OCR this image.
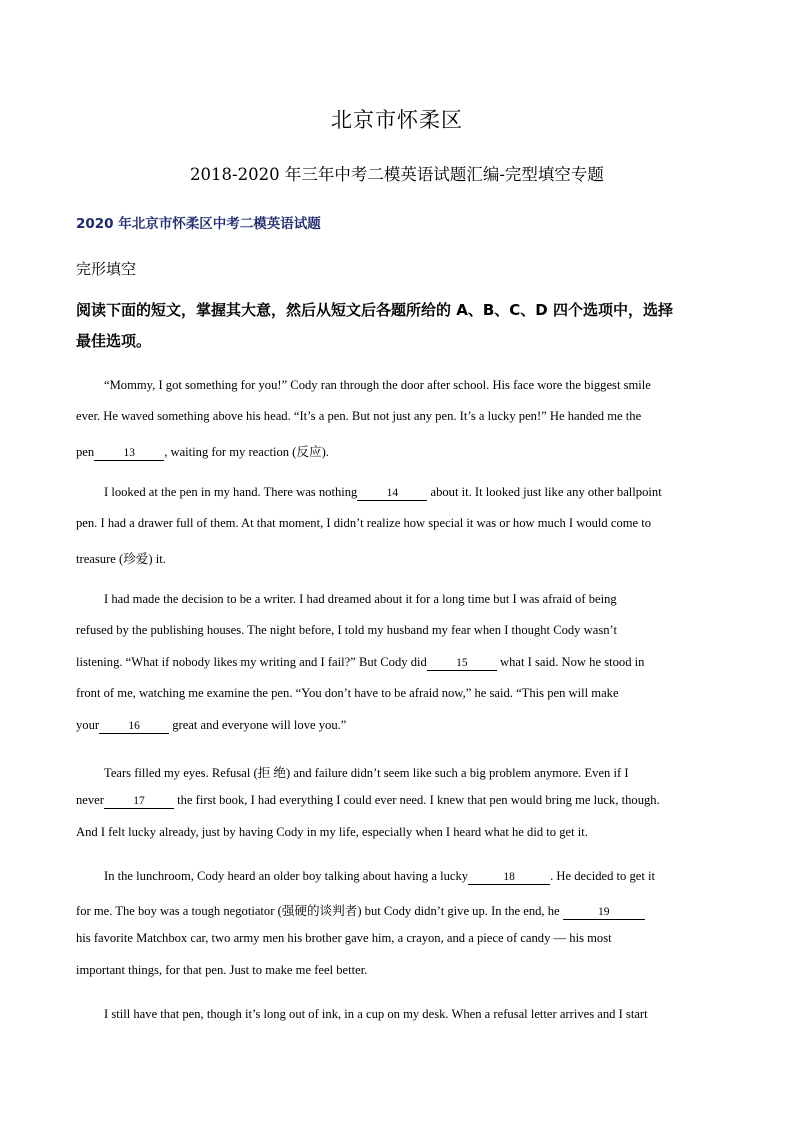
北京市怀柔区
2018-2020 年三年中考二模英语试题汇编-完型填空专题
2020 年北京市怀柔区中考二模英语试题
完形填空
阅读下面的短文，掌握其大意，然后从短文后各题所给的 A、B、C、D 四个选项中，选择
最佳选项。
“Mommy, I got something for you!” Cody ran through the door after school. His face wore the biggest smile
ever. He waved something above his head. “It’s a pen. But not just any pen. It’s a lucky pen!” He handed me the
pen	13 , waiting for my reaction (反应).
I looked at the pen in my hand. There was nothing	14 about it. It looked just like any other ballpoint
pen. I had a drawer full of them. At that moment, I didn’t realize how special it was or how much I would come to
treasure (珍爱) it.
I had made the decision to be a writer. I had dreamed about it for a long time but I was afraid of being
refused by the publishing houses. The night before, I told my husband my fear when I thought Cody wasn’t
listening. “What if nobody likes my writing and I fail?” But Cody did	15 what I said. Now he stood in
front of me, watching me examine the pen. “You don’t have to be afraid now,” he said. “This pen will make
your	16 great and everyone will love you.”
Tears filled my eyes. Refusal (拒 绝) and failure didn’t seem like such a big problem anymore. Even if I
never	17 the first book, I had everything I could ever need. I knew that pen would bring me luck, though.
And I felt lucky already, just by having Cody in my life, especially when I heard what he did to get it.
In the lunchroom, Cody heard an older boy talking about having a lucky	18	. He decided to get it
for me. The boy was a tough negotiator (强硬的谈判者) but Cody didn’t give up. In the end, he	19
his favorite Matchbox car, two army men his brother gave him, a crayon, and a piece of candy — his most
important things, for that pen. Just to make me feel better.
I still have that pen, though it’s long out of ink, in a cup on my desk. When a refusal letter arrives and I start
